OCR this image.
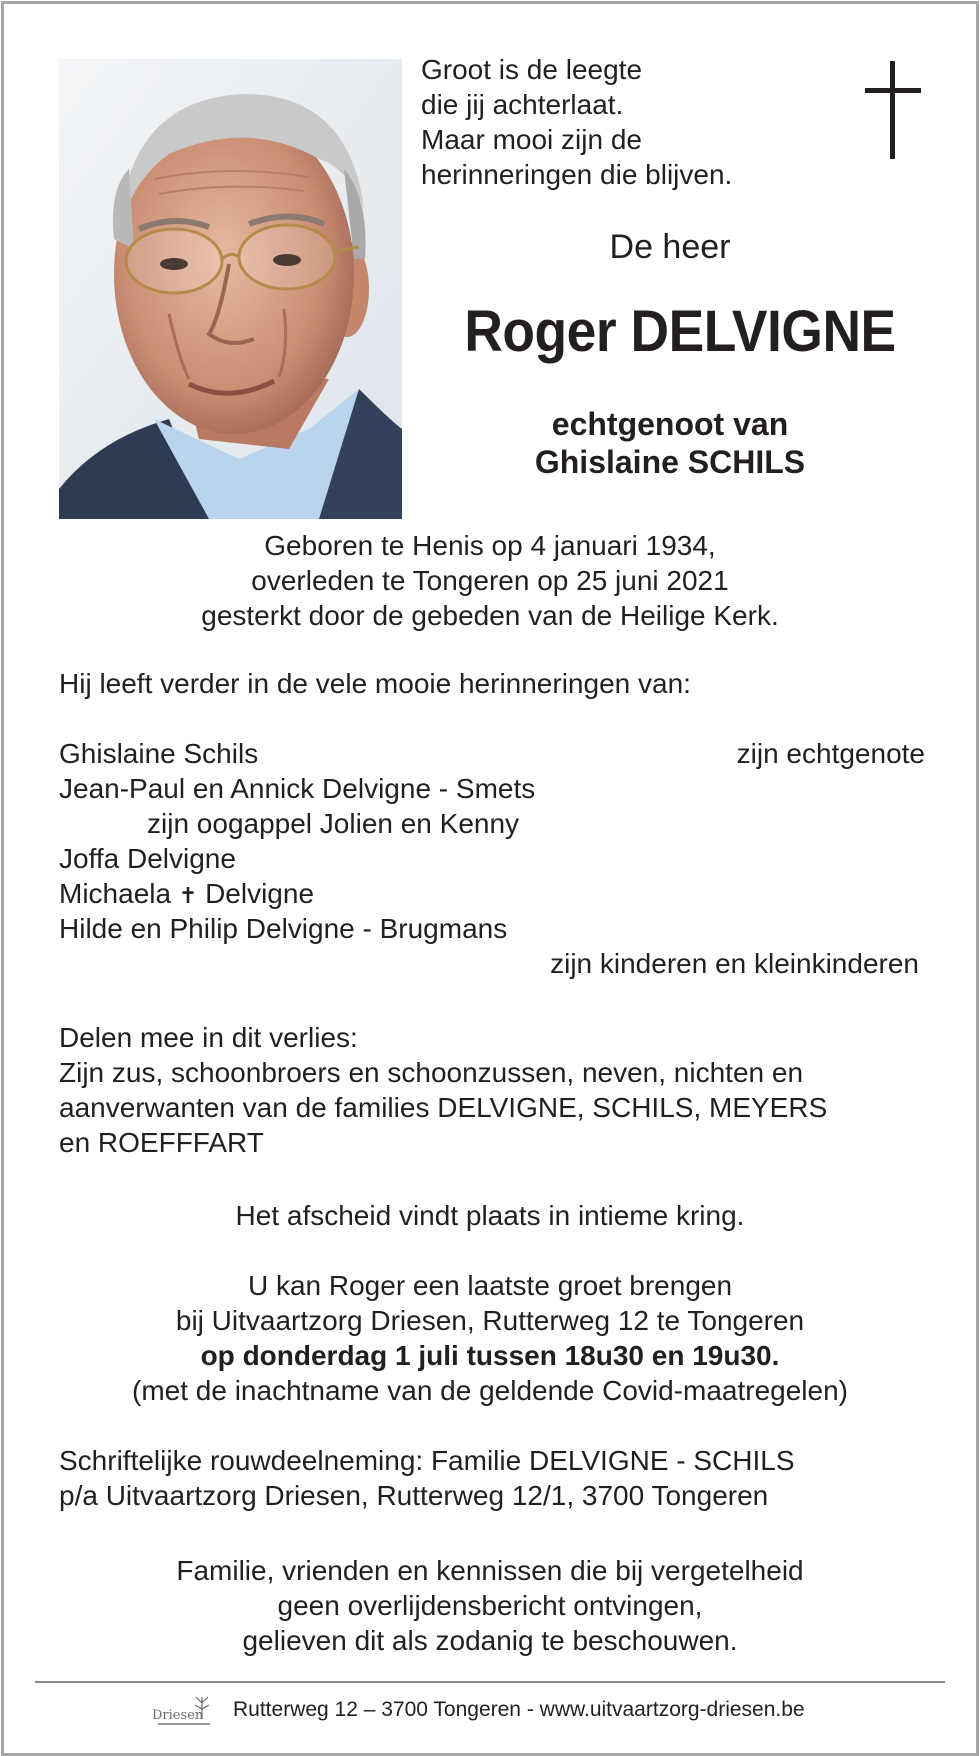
Groot is de leegte
die jij achterlaat.
Maar mooi zijn de
herinneringen die blijven.
De heer
Roger DELVIGNE
echtgenoot van
Ghislaine SCHILS
Geboren te Henis op 4 januari 1934,
overleden te Tongeren op 25 juni 2021
gesterkt door de gebeden van de Heilige Kerk.
Hij leeft verder in de vele mooie herinneringen van:
Ghislaine Schils	zijn echtgenote
Jean-Paul en Annick Delvigne - Smets
zijn oogappel Jolien en Kenny
Joffa Delvigne
Michaela ✝ Delvigne
Hilde en Philip Delvigne - Brugmans
zijn kinderen en kleinkinderen
Delen mee in dit verlies:
Zijn zus, schoonbroers en schoonzussen, neven, nichten en
aanverwanten van de families DELVIGNE, SCHILS, MEYERS
en ROEFFFART
Het afscheid vindt plaats in intieme kring.
U kan Roger een laatste groet brengen
bij Uitvaartzorg Driesen, Rutterweg 12 te Tongeren
op donderdag 1 juli tussen 18u30 en 19u30.
(met de inachtname van de geldende Covid-maatregelen)
Schriftelijke rouwdeelneming: Familie DELVIGNE - SCHILS
p/a Uitvaartzorg Driesen, Rutterweg 12/1, 3700 Tongeren
Familie, vrienden en kennissen die bij vergetelheid
geen overlijdensbericht ontvingen,
gelieven dit als zodanig te beschouwen.
Driesen Rutterweg 12 – 3700 Tongeren - www.uitvaartzorg-driesen.be
